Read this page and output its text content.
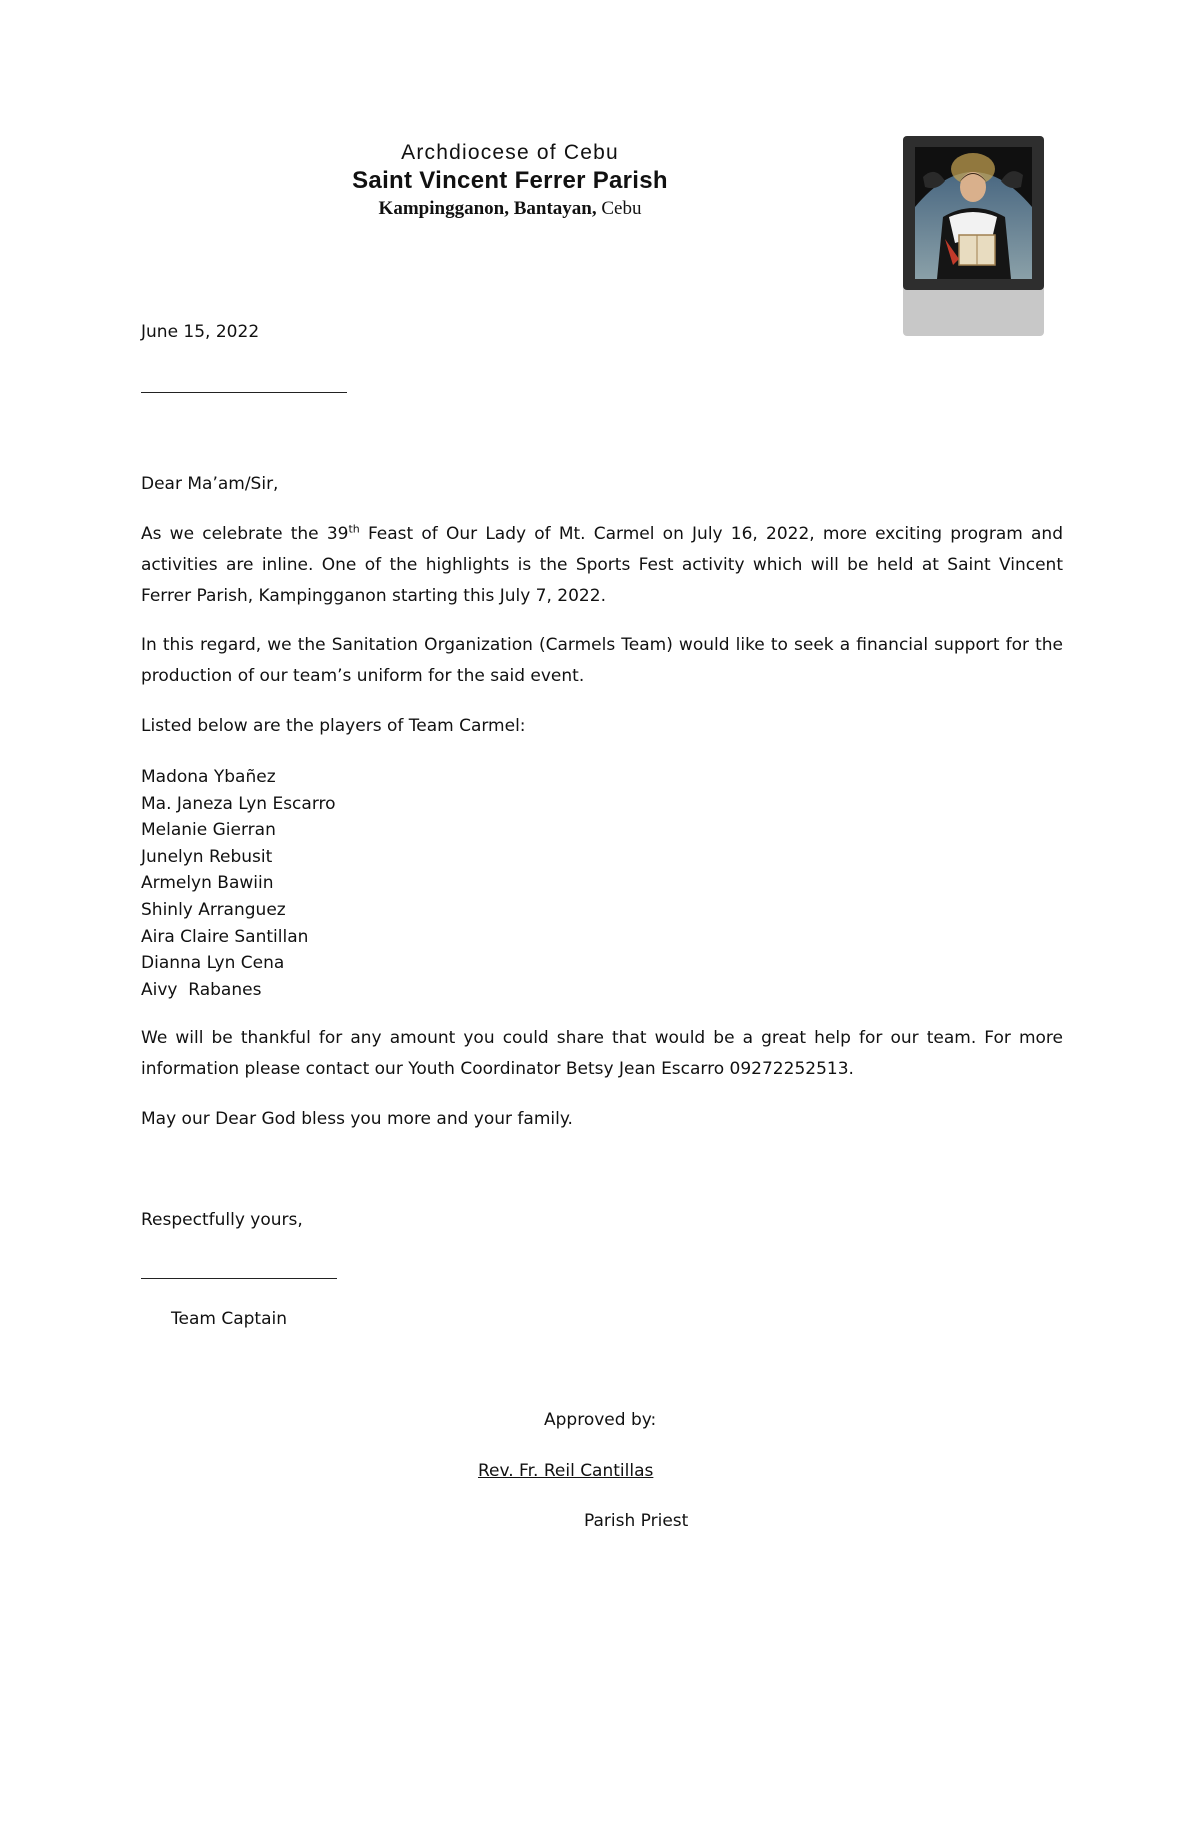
Archdiocese of Cebu
Saint Vincent Ferrer Parish
Kampingganon, Bantayan, Cebu
June 15, 2022
Dear Ma’am/Sir,
As we celebrate the 39th Feast of Our Lady of Mt. Carmel on July 16, 2022, more exciting program and activities are inline. One of the highlights is the Sports Fest activity which will be held at Saint Vincent Ferrer Parish, Kampingganon starting this July 7, 2022.
In this regard, we the Sanitation Organization (Carmels Team) would like to seek a financial support for the production of our team’s uniform for the said event.
Listed below are the players of Team Carmel:
Madona Ybañez
Ma. Janeza Lyn Escarro
Melanie Gierran
Junelyn Rebusit
Armelyn Bawiin
Shinly Arranguez
Aira Claire Santillan
Dianna Lyn Cena
Aivy  Rabanes
We will be thankful for any amount you could share that would be a great help for our team. For more information please contact our Youth Coordinator Betsy Jean Escarro 09272252513.
May our Dear God bless you more and your family.
Respectfully yours,
Team Captain
Approved by:
Rev. Fr. Reil Cantillas
Parish Priest
